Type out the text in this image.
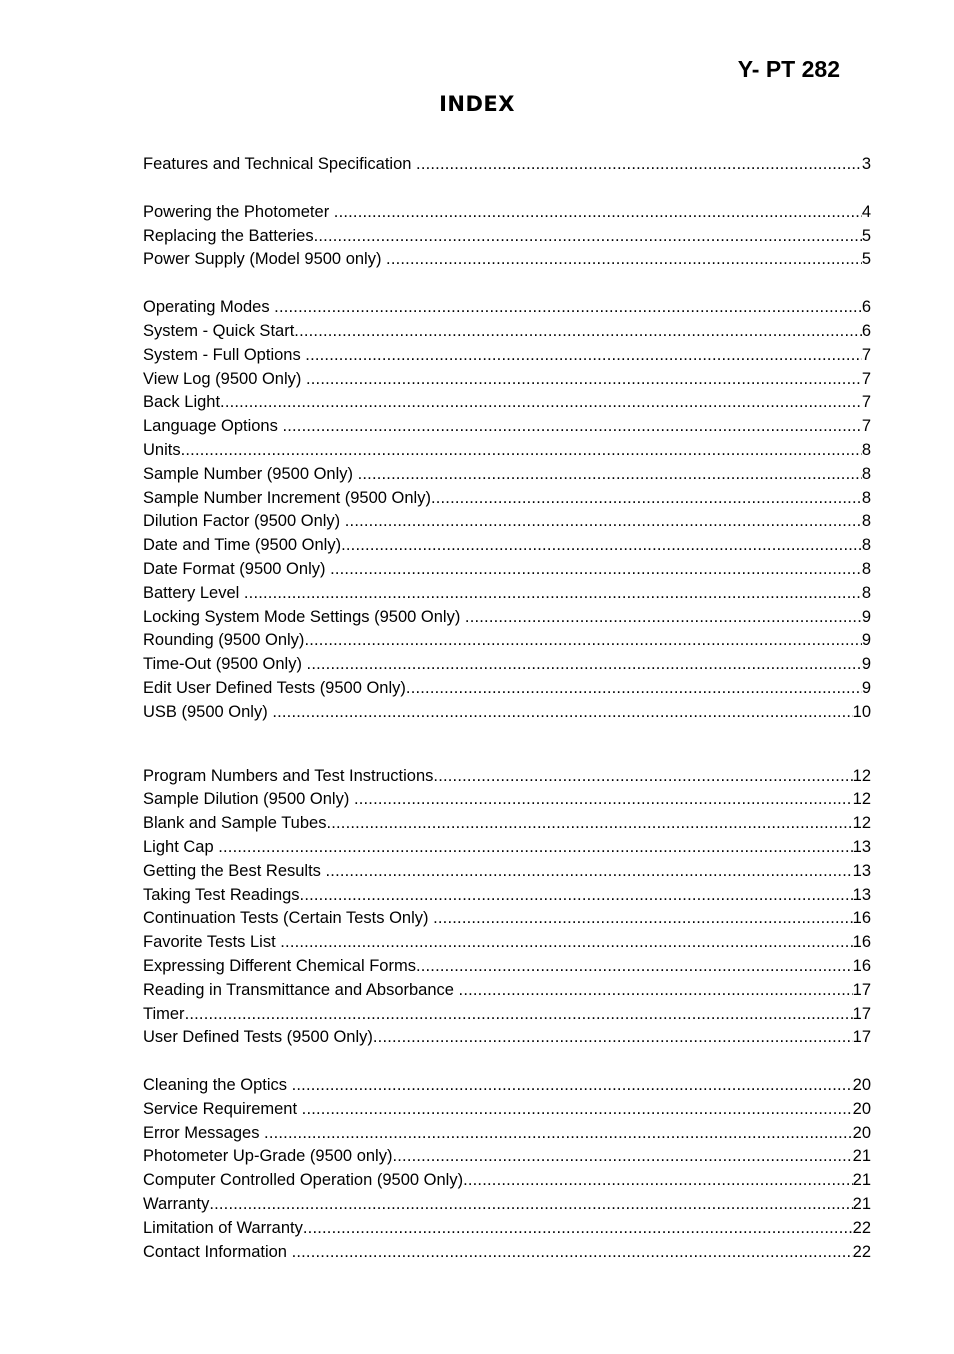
Y- PT 282
INDEX
Features and Technical Specification .....	3
Powering the Photometer .....	4
Replacing the Batteries .....	5
Power Supply (Model 9500 only) .....	5
Operating Modes .....	6
System - Quick Start .....	6
System - Full Options .....	7
View Log (9500 Only) .....	7
Back Light .....	7
Language Options .....	7
Units .....	8
Sample Number (9500 Only) .....	8
Sample Number Increment (9500 Only) .....	8
Dilution Factor (9500 Only) .....	8
Date and Time (9500 Only) .....	8
Date Format (9500 Only) .....	8
Battery Level .....	8
Locking System Mode Settings (9500 Only) .....	9
Rounding (9500 Only) .....	9
Time-Out (9500 Only) .....	9
Edit User Defined Tests (9500 Only) .....	9
USB (9500 Only) .....	10
Program Numbers and Test Instructions .....	12
Sample Dilution (9500 Only) .....	12
Blank and Sample Tubes .....	12
Light Cap .....	13
Getting the Best Results .....	13
Taking Test Readings .....	13
Continuation Tests (Certain Tests Only) .....	16
Favorite Tests List .....	16
Expressing Different Chemical Forms .....	16
Reading in Transmittance and Absorbance .....	17
Timer .....	17
User Defined Tests (9500 Only) .....	17
Cleaning the Optics .....	20
Service Requirement .....	20
Error Messages .....	20
Photometer Up-Grade (9500 only) .....	21
Computer Controlled Operation (9500 Only) .....	21
Warranty .....	21
Limitation of Warranty .....	22
Contact Information .....	22
